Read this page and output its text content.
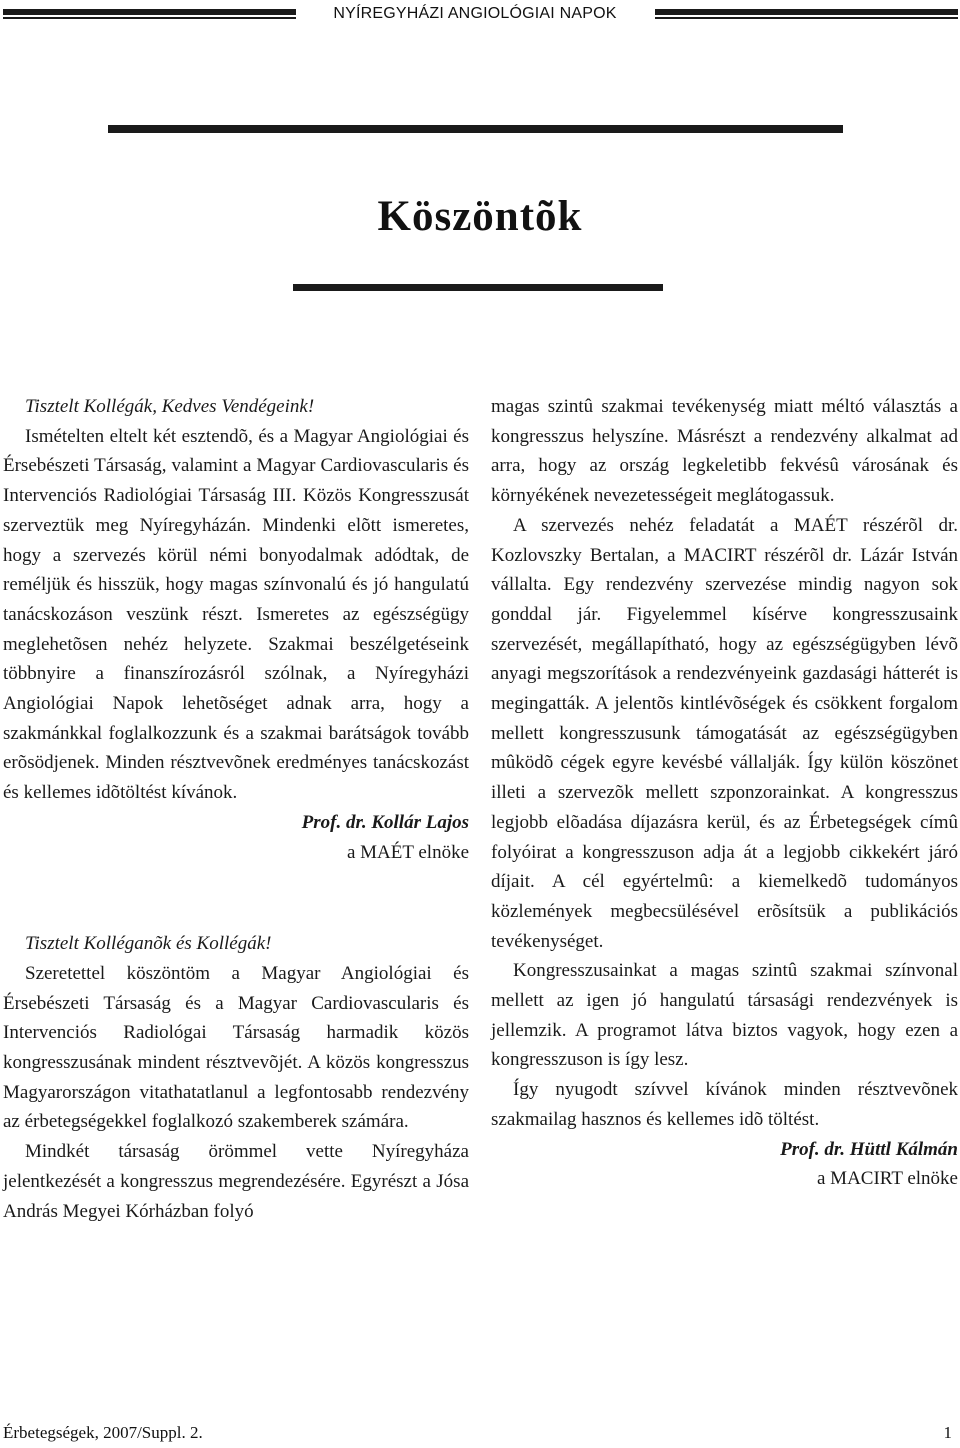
NYÍREGYHÁZI ANGIOLÓGIAI NAPOK
Köszöntõk

Tisztelt Kollégák, Kedves Vendégeink!

Ismételten eltelt két esztendõ, és a Magyar Angiológiai és Érsebészeti Társaság, valamint a Magyar Cardiovascularis és Intervenciós Radiológiai Társaság III. Közös Kongresszusát szerveztük meg Nyíregyházán. Mindenki elõtt ismeretes, hogy a szervezés körül némi bonyodalmak adódtak, de reméljük és hisszük, hogy magas színvonalú és jó hangulatú tanácskozáson veszünk részt. Ismeretes az egészségügy meglehetõsen nehéz helyzete. Szakmai beszélgetéseink többnyire a finanszírozásról szólnak, a Nyíregyházi Angiológiai Napok lehetõséget adnak arra, hogy a szakmánkkal foglalkozzunk és a szakmai barátságok tovább erõsödjenek. Minden résztvevõnek eredményes tanácskozást és kellemes idõtöltést kívánok.

Prof. dr. Kollár Lajos

a MAÉT elnöke

Tisztelt Kolléganõk és Kollégák!

Szeretettel köszöntöm a Magyar Angiológiai és Érsebészeti Társaság és a Magyar Cardiovascularis és Intervenciós Radiológai Társaság harmadik közös kongresszusának mindent résztvevõjét. A közös kongresszus Magyarországon vitathatatlanul a legfontosabb rendezvény az érbetegségekkel foglalkozó szakemberek számára.

Mindkét társaság örömmel vette Nyíregyháza jelentkezését a kongresszus megrendezésére. Egyrészt a Jósa András Megyei Kórházban folyó

magas szintû szakmai tevékenység miatt méltó választás a kongresszus helyszíne. Másrészt a rendezvény alkalmat ad arra, hogy az ország legkeletibb fekvésû városának és környékének nevezetességeit meglátogassuk.

A szervezés nehéz feladatát a MAÉT részérõl dr. Kozlovszky Bertalan, a MACIRT részérõl dr. Lázár István vállalta. Egy rendezvény szervezése mindig nagyon sok gonddal jár. Figyelemmel kísérve kongresszusaink szervezését, megállapítható, hogy az egészségügyben lévõ anyagi megszorítások a rendezvényeink gazdasági hátterét is megingatták. A jelentõs kintlévõségek és csökkent forgalom mellett kongresszusunk támogatását az egészségügyben mûködõ cégek egyre kevésbé vállalják. Így külön köszönet illeti a szervezõk mellett szponzorainkat. A kongresszus legjobb elõadása díjazásra kerül, és az Érbetegségek címû folyóirat a kongresszuson adja át a legjobb cikkekért járó díjait. A cél egyértelmû: a kiemelkedõ tudományos közlemények megbecsülésével erõsítsük a publikációs tevékenységet.

Kongresszusainkat a magas szintû szakmai színvonal mellett az igen jó hangulatú társasági rendezvények is jellemzik. A programot látva biztos vagyok, hogy ezen a kongresszuson is így lesz.

Így nyugodt szívvel kívánok minden résztvevõnek szakmailag hasznos és kellemes idõ töltést.

Prof. dr. Hüttl Kálmán

a MACIRT elnöke

Érbetegségek, 2007/Suppl. 2.	1
